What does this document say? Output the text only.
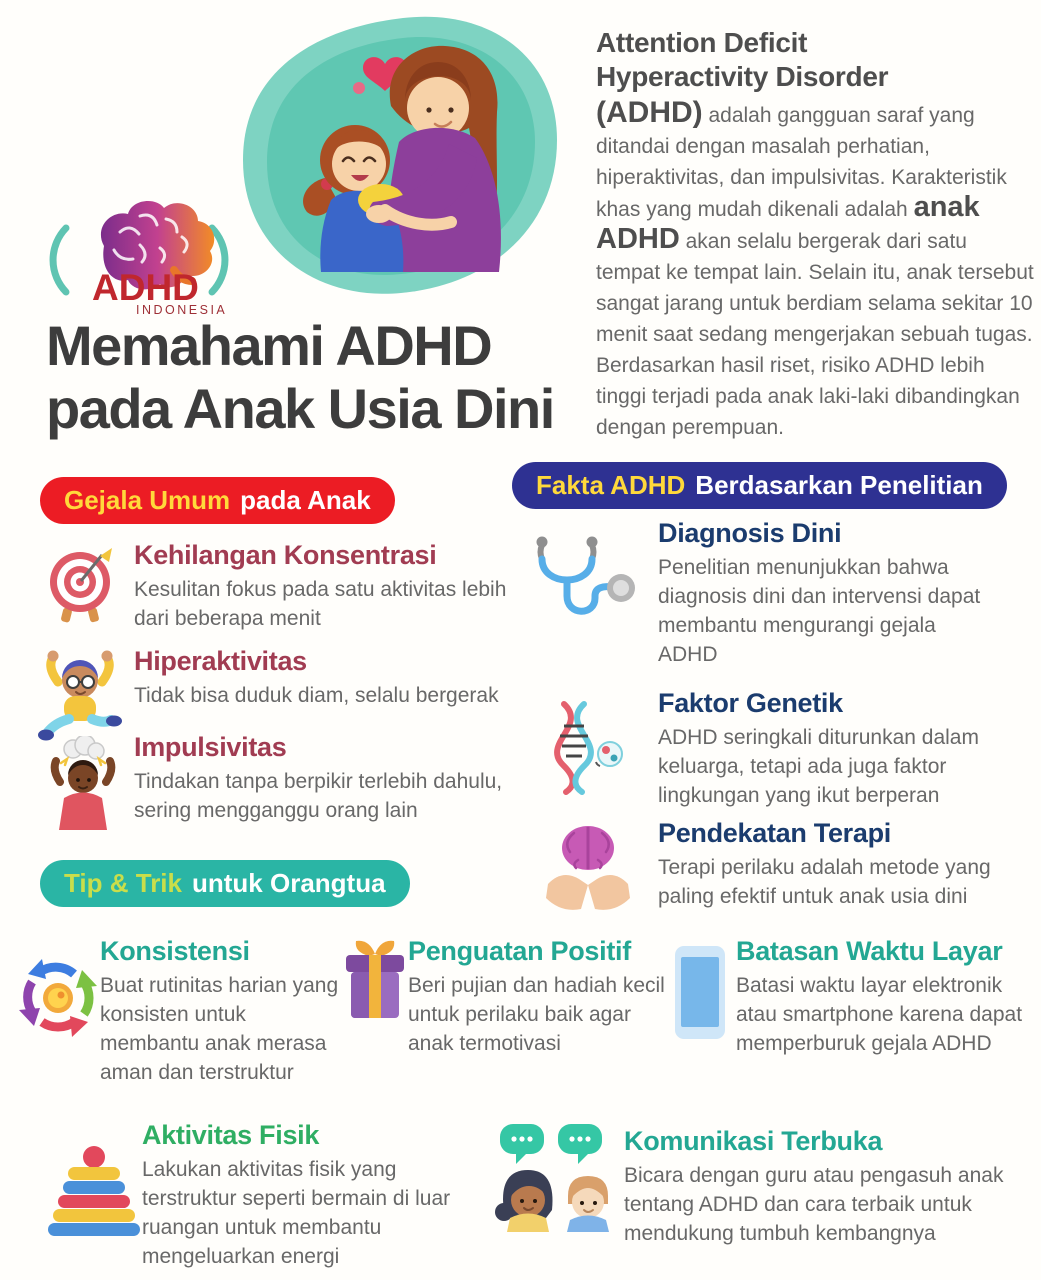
ADHD
INDONESIA
Attention Deficit
Hyperactivity Disorder

(ADHD) adalah gangguan saraf yang ditandai dengan masalah perhatian, hiperaktivitas, dan impulsivitas. Karakteristik khas yang mudah dikenali adalah anak ADHD akan selalu bergerak dari satu tempat ke tempat lain. Selain itu, anak tersebut sangat jarang untuk berdiam selama sekitar 10 menit saat sedang mengerjakan sebuah tugas. Berdasarkan hasil riset, risiko ADHD lebih tinggi terjadi pada anak laki-laki dibandingkan dengan perempuan.

Memahami ADHD
pada Anak Usia Dini
Gejala Umum pada Anak
Kehilangan Konsentrasi
Kesulitan fokus pada satu aktivitas lebih dari beberapa menit
Hiperaktivitas
Tidak bisa duduk diam, selalu bergerak
Impulsivitas
Tindakan tanpa berpikir terlebih dahulu, sering mengganggu orang lain
Fakta ADHD Berdasarkan Penelitian
Diagnosis Dini
Penelitian menunjukkan bahwa diagnosis dini dan intervensi dapat membantu mengurangi gejala ADHD
Faktor Genetik
ADHD seringkali diturunkan dalam keluarga, tetapi ada juga faktor lingkungan yang ikut berperan
Pendekatan Terapi
Terapi perilaku adalah metode yang paling efektif untuk anak usia dini
Tip & Trik untuk Orangtua
Konsistensi
Buat rutinitas harian yang konsisten untuk membantu anak merasa aman dan terstruktur
Penguatan Positif
Beri pujian dan hadiah kecil untuk perilaku baik agar anak termotivasi
Batasan Waktu Layar
Batasi waktu layar elektronik atau smartphone karena dapat memperburuk gejala ADHD
Aktivitas Fisik
Lakukan aktivitas fisik yang terstruktur seperti bermain di luar ruangan untuk membantu mengeluarkan energi
Komunikasi Terbuka
Bicara dengan guru atau pengasuh anak tentang ADHD dan cara terbaik untuk mendukung tumbuh kembangnya
